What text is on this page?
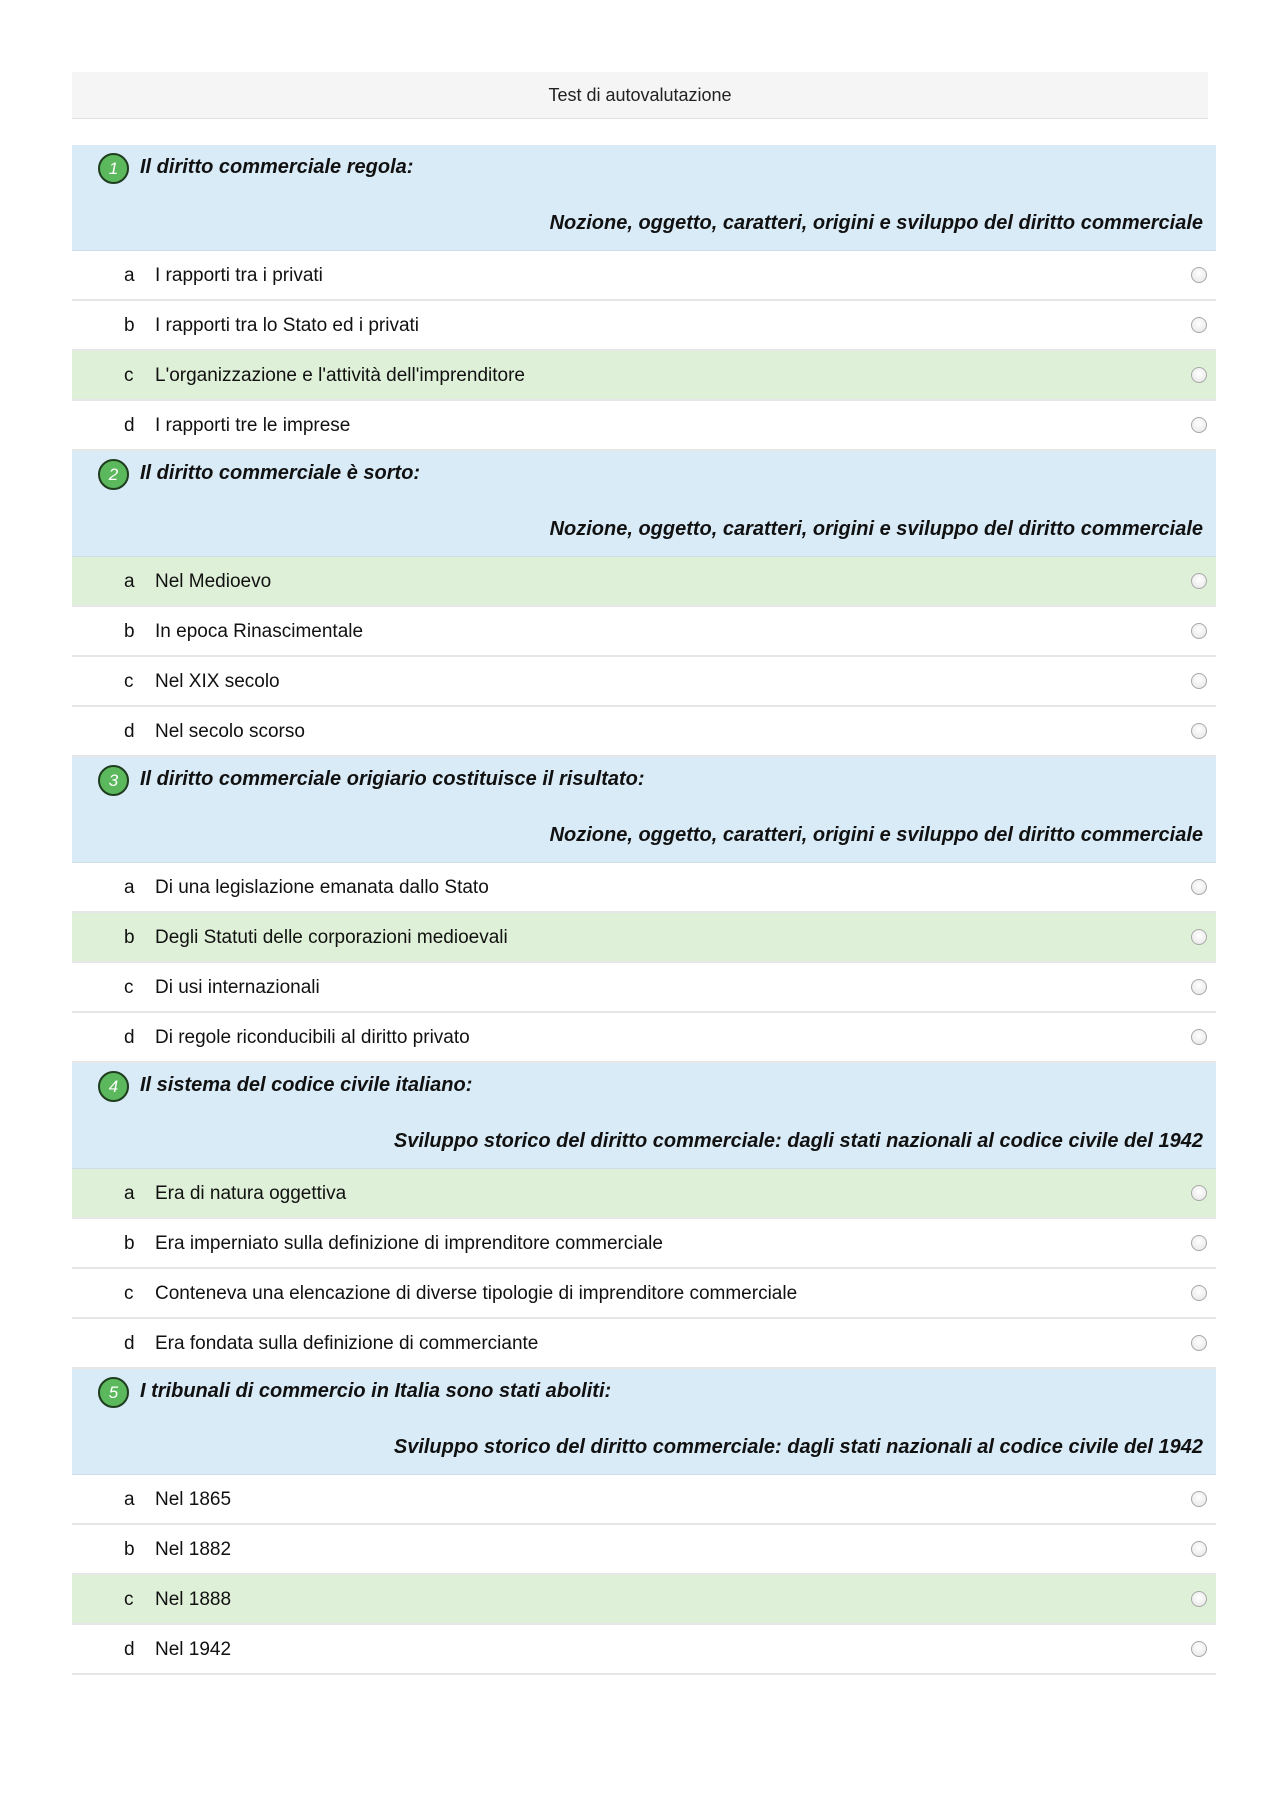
Test di autovalutazione
1	Il diritto commerciale regola:
Nozione, oggetto, caratteri, origini e sviluppo del diritto commerciale
a I rapporti tra i privati
b I rapporti tra lo Stato ed i privati
c L'organizzazione e l'attività dell'imprenditore
d I rapporti tre le imprese
2	Il diritto commerciale è sorto:
Nozione, oggetto, caratteri, origini e sviluppo del diritto commerciale
a Nel Medioevo
b In epoca Rinascimentale
c Nel XIX secolo
d Nel secolo scorso
3	Il diritto commerciale origiario costituisce il risultato:
Nozione, oggetto, caratteri, origini e sviluppo del diritto commerciale
a Di una legislazione emanata dallo Stato
b Degli Statuti delle corporazioni medioevali
c Di usi internazionali
d Di regole riconducibili al diritto privato
4	Il sistema del codice civile italiano:
Sviluppo storico del diritto commerciale: dagli stati nazionali al codice civile del 1942
a Era di natura oggettiva
b Era imperniato sulla definizione di imprenditore commerciale
c Conteneva una elencazione di diverse tipologie di imprenditore commerciale
d Era fondata sulla definizione di commerciante
5	I tribunali di commercio in Italia sono stati aboliti:
Sviluppo storico del diritto commerciale: dagli stati nazionali al codice civile del 1942
a Nel 1865
b Nel 1882
c Nel 1888
d Nel 1942
